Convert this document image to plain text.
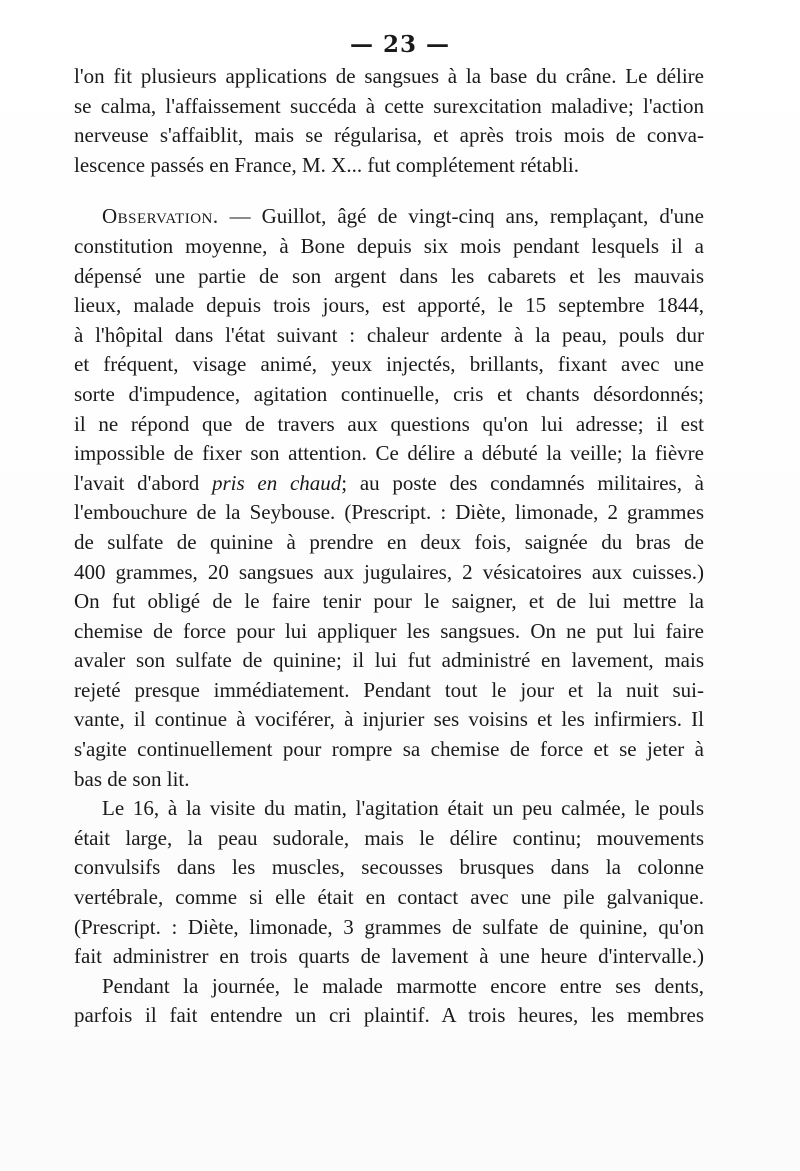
— 23 —

l'on fit plusieurs applications de sangsues à la base du crâne. Le délire
se calma, l'affaissement succéda à cette surexcitation maladive; l'action
nerveuse s'affaiblit, mais se régularisa, et après trois mois de conva-
lescence passés en France, M. X... fut complétement rétabli.

Observation. — Guillot, âgé de vingt-cinq ans, remplaçant, d'une
constitution moyenne, à Bone depuis six mois pendant lesquels il a
dépensé une partie de son argent dans les cabarets et les mauvais
lieux, malade depuis trois jours, est apporté, le 15 septembre 1844,
à l'hôpital dans l'état suivant : chaleur ardente à la peau, pouls dur
et fréquent, visage animé, yeux injectés, brillants, fixant avec une
sorte d'impudence, agitation continuelle, cris et chants désordonnés;
il ne répond que de travers aux questions qu'on lui adresse; il est
impossible de fixer son attention. Ce délire a débuté la veille; la fièvre
l'avait d'abord pris en chaud; au poste des condamnés militaires, à
l'embouchure de la Seybouse. (Prescript. : Diète, limonade, 2 grammes
de sulfate de quinine à prendre en deux fois, saignée du bras de
400 grammes, 20 sangsues aux jugulaires, 2 vésicatoires aux cuisses.)
On fut obligé de le faire tenir pour le saigner, et de lui mettre la
chemise de force pour lui appliquer les sangsues. On ne put lui faire
avaler son sulfate de quinine; il lui fut administré en lavement, mais
rejeté presque immédiatement. Pendant tout le jour et la nuit sui-
vante, il continue à vociférer, à injurier ses voisins et les infirmiers. Il
s'agite continuellement pour rompre sa chemise de force et se jeter à
bas de son lit.

Le 16, à la visite du matin, l'agitation était un peu calmée, le pouls
était large, la peau sudorale, mais le délire continu; mouvements
convulsifs dans les muscles, secousses brusques dans la colonne
vertébrale, comme si elle était en contact avec une pile galvanique.
(Prescript. : Diète, limonade, 3 grammes de sulfate de quinine, qu'on
fait administrer en trois quarts de lavement à une heure d'intervalle.)

Pendant la journée, le malade marmotte encore entre ses dents,
parfois il fait entendre un cri plaintif. A trois heures, les membres
